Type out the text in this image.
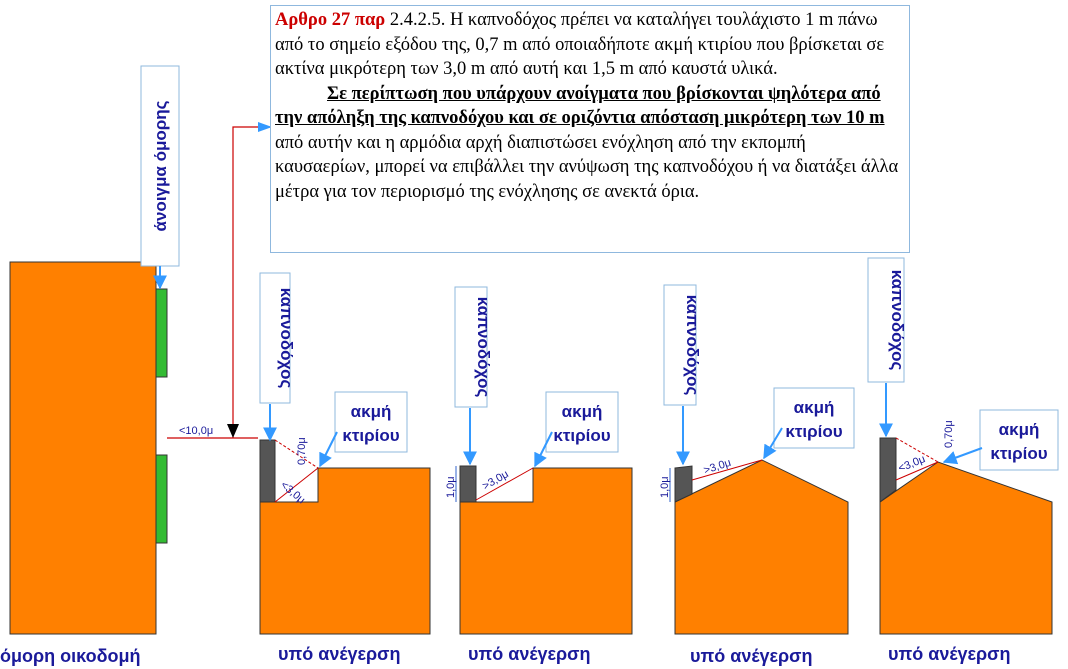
άνοιγμα όμορης
<10,0μ
καπνοδόχος
ακμή
κτιρίου
<3,0μ
0,70μ
καπνοδόχος
ακμή
κτιρίου
>3,0μ
1,0μ
καπνοδόχος
ακμή
κτιρίου
>3,0μ
1,0μ
καπνοδόχος
ακμή
κτιρίου
<3,0μ
0,70μ
όμορη οικοδομή	υπό ανέγερση	υπό ανέγερση	υπό ανέγερση	υπό ανέγερση
Αρθρο 27 παρ 2.4.2.5. Η καπνοδόχος πρέπει να καταλήγει τουλάχιστο 1 m πάνω από το σημείο εξόδου της, 0,7 m από οποιαδήποτε ακμή κτιρίου που βρίσκεται σε ακτίνα μικρότερη των 3,0 m από αυτή και 1,5 m από καυστά υλικά.
Σε περίπτωση που υπάρχουν ανοίγματα που βρίσκονται ψηλότερα από την απόληξη της καπνοδόχου και σε οριζόντια απόσταση μικρότερη των 10 m από αυτήν και η αρμόδια αρχή διαπιστώσει ενόχληση από την εκπομπή καυσαερίων, μπορεί να επιβάλλει την ανύψωση της καπνοδόχου ή να διατάξει άλλα μέτρα για τον περιορισμό της ενόχλησης σε ανεκτά όρια.
